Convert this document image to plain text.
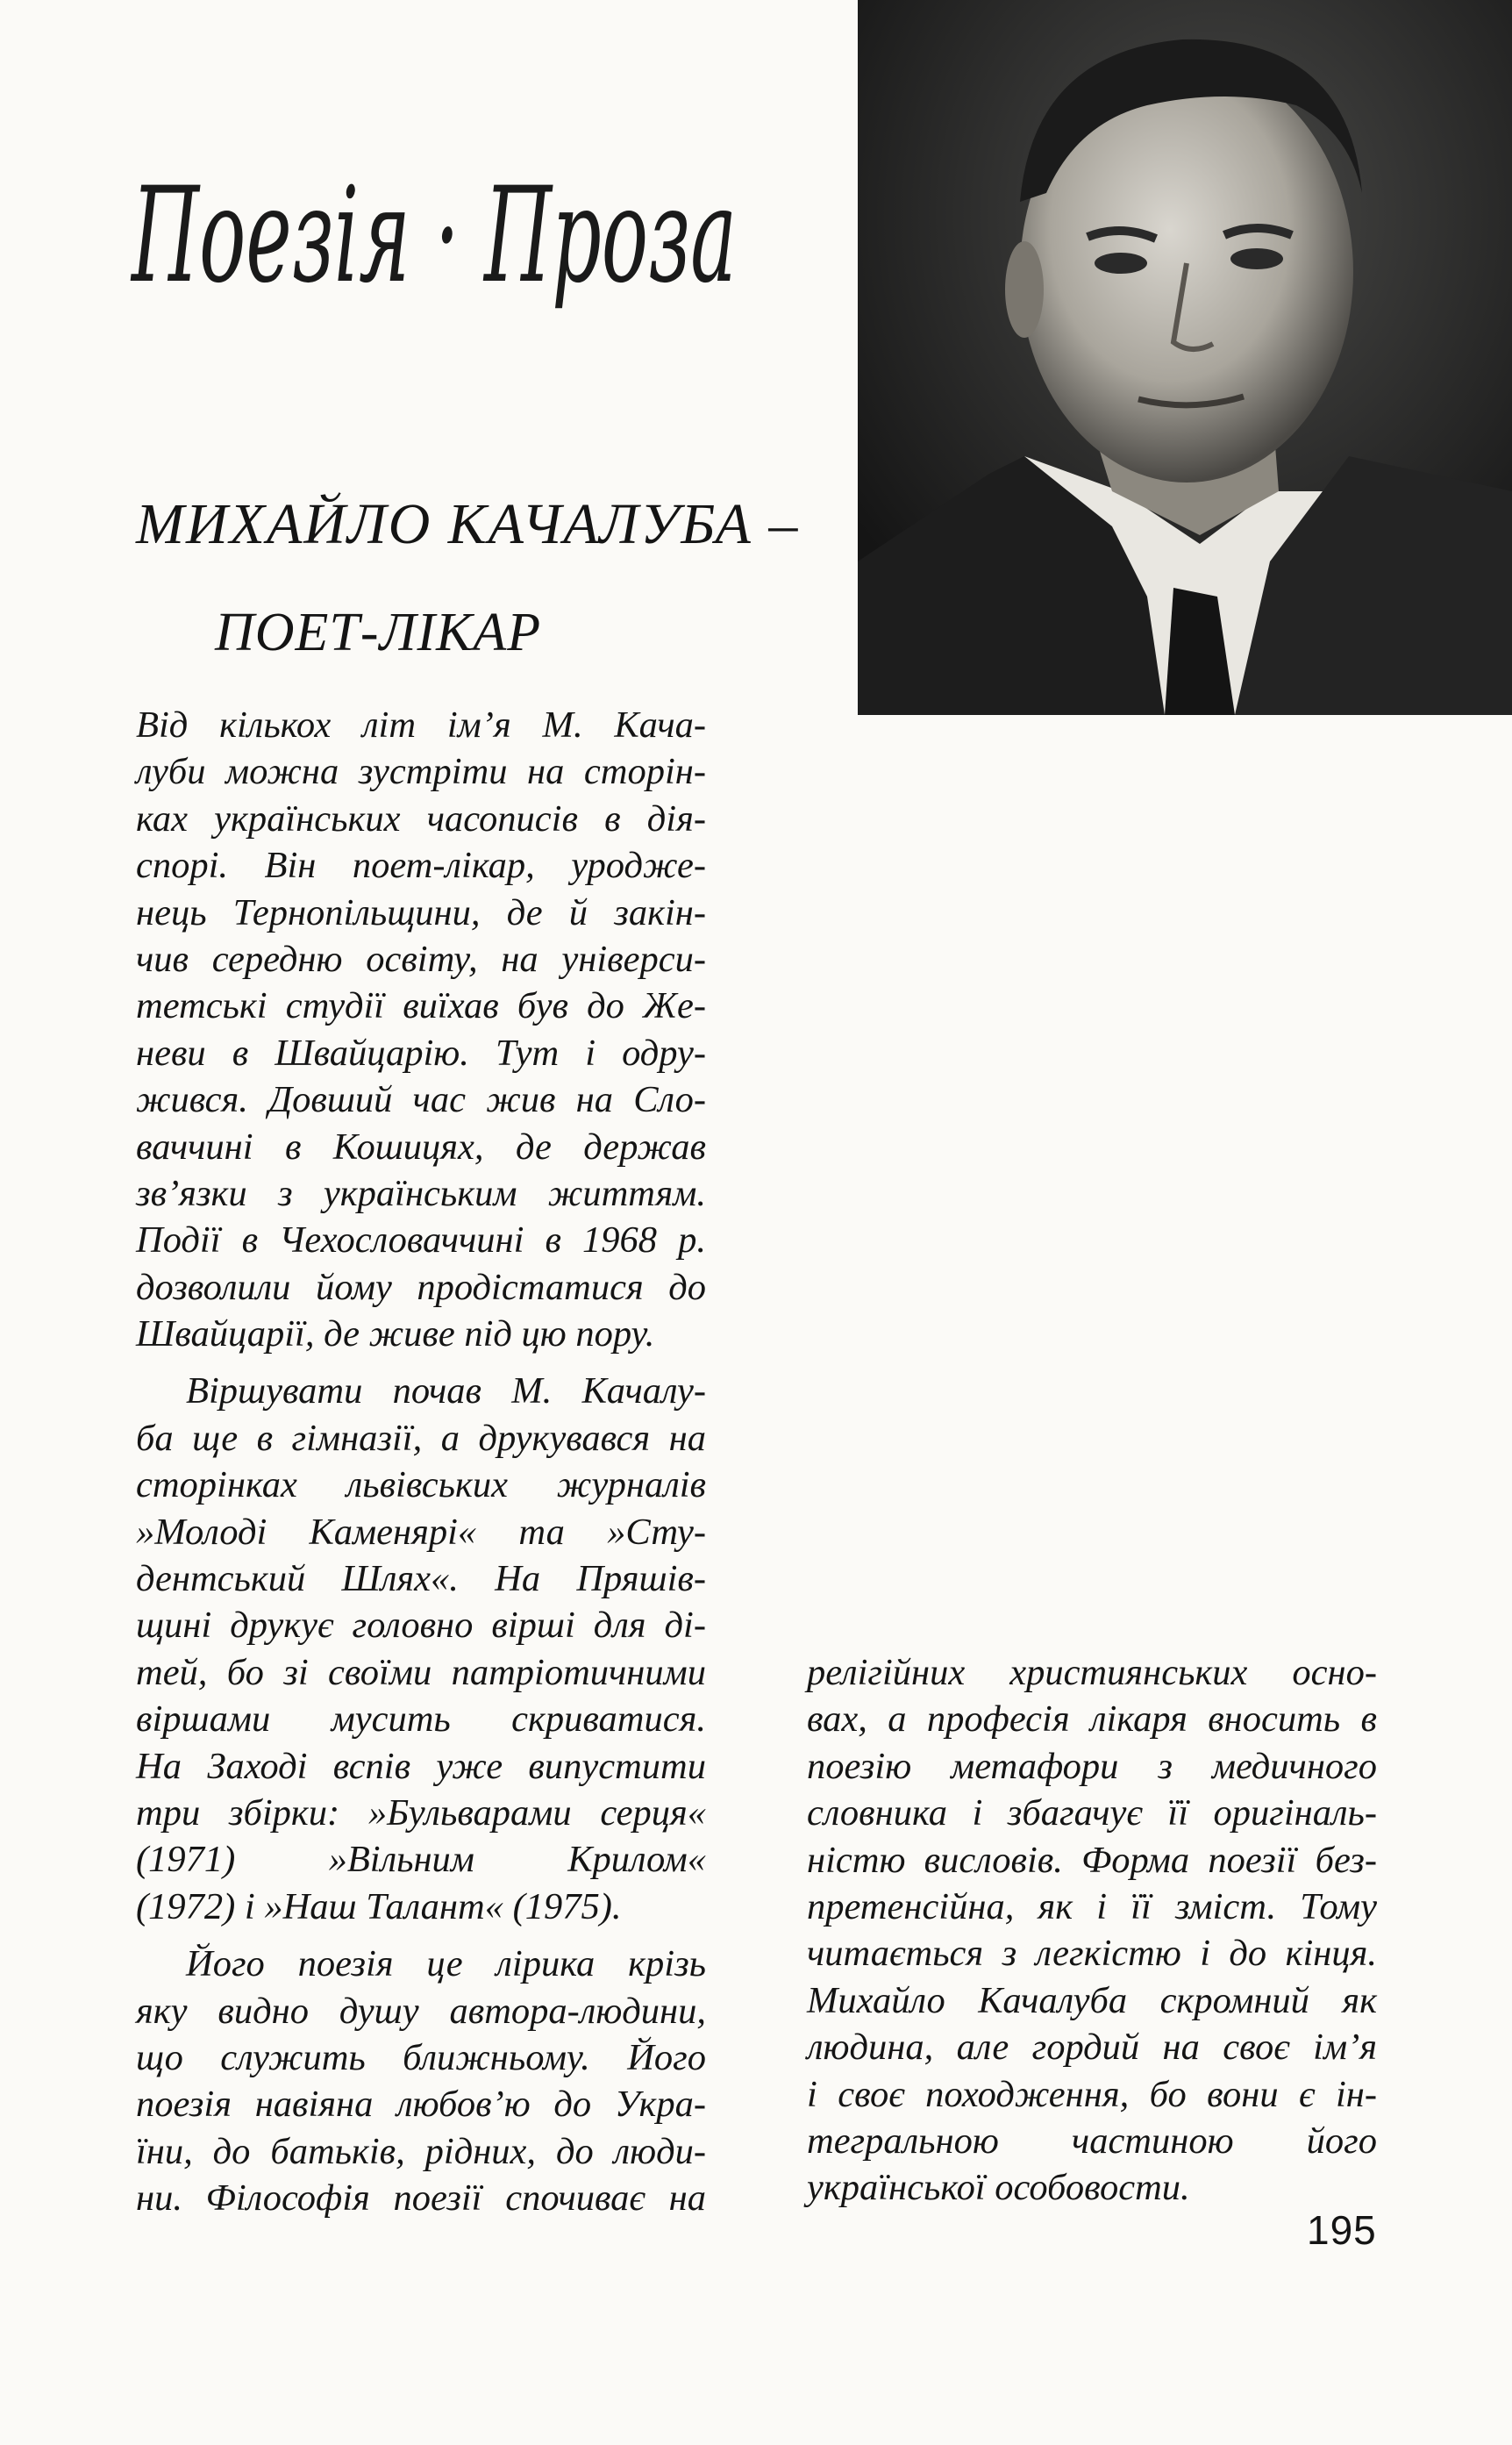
Поезія · Проза
МИХАЙЛО КАЧАЛУБА –
ПОЕТ-ЛІКАР

Від кількох літ ім’я М. Кача-
луби можна зустріти на сторін-
ках українських часописів в дія-
спорі. Він поет-лікар, уродже-
нець Тернопільщини, де й закін-
чив середню освіту, на універси-
тетські студії виїхав був до Же-
неви в Швайцарію. Тут і одру-
жився. Довший час жив на Сло-
ваччині в Кошицях, де держав
зв’язки з українським життям.
Події в Чехословаччині в 1968 р.
дозволили йому продістатися до
Швайцарії, де живе під цю пору.

Віршувати почав М. Качалу-
ба ще в гімназії, а друкувався на
сторінках львівських журналів
»Молоді Каменярі« та »Сту-
дентський Шлях«. На Пряшів-
щині друкує головно вірші для ді-
тей, бо зі своїми патріотичними
віршами мусить скриватися.
На Заході вспів уже випустити
три збірки: »Бульварами серця«
(1971) »Вільним Крилом«
(1972) і »Наш Талант« (1975).

Його поезія це лірика крізь
яку видно душу автора-людини,
що служить ближньому. Його
поезія навіяна любов’ю до Укра-
їни, до батьків, рідних, до люди-
ни. Філософія поезії спочиває на

релігійних християнських осно-
вах, а професія лікаря вносить в
поезію метафори з медичного
словника і збагачує її оригіналь-
ністю висловів. Форма поезії без-
претенсійна, як і її зміст. Тому
читається з легкістю і до кінця.
Михайло Качалуба скромний як
людина, але гордий на своє ім’я
і своє походження, бо вони є ін-
тегральною частиною його
української особовости.

195
